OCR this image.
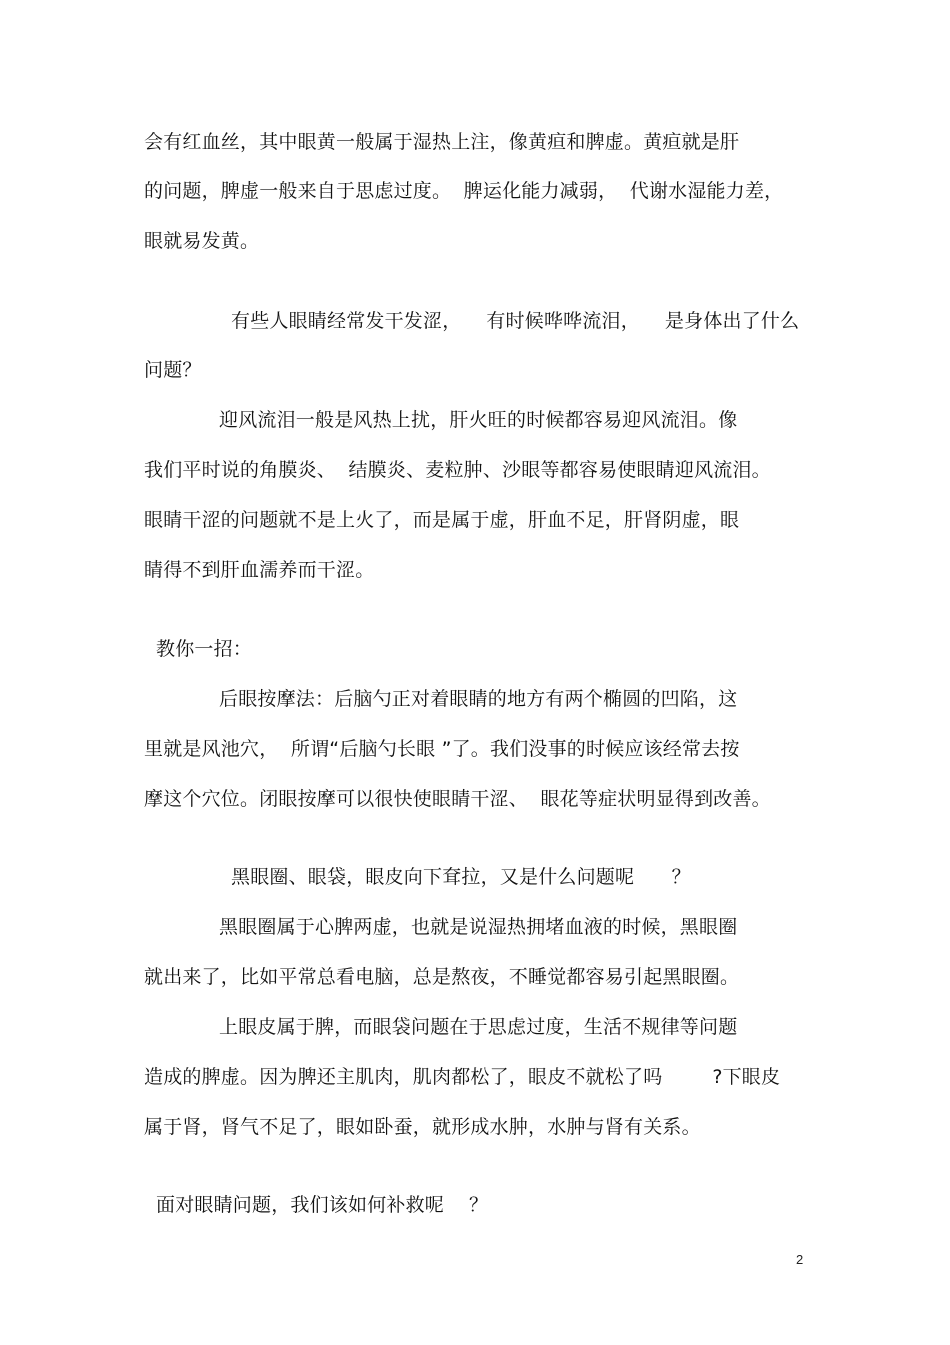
会有红血丝，其中眼黄一般属于湿热上注，像黄疸和脾虚。黄疸就是肝
的问题，脾虚一般来自于思虑过度。  脾运化能力减弱，  代谢水湿能力差，
眼就易发黄。
有些人眼睛经常发干发涩，    有时候哗哗流泪，    是身体出了什么
问题？
迎风流泪一般是风热上扰，肝火旺的时候都容易迎风流泪。像
我们平时说的角膜炎、  结膜炎、麦粒肿、沙眼等都容易使眼睛迎风流泪。
眼睛干涩的问题就不是上火了，而是属于虚，肝血不足，肝肾阴虚，眼
睛得不到肝血濡养而干涩。
教你一招：
后眼按摩法：后脑勺正对着眼睛的地方有两个椭圆的凹陷，这
里就是风池穴，  所谓“后脑勺长眼 ”了。我们没事的时候应该经常去按
摩这个穴位。闭眼按摩可以很快使眼睛干涩、  眼花等症状明显得到改善。
黑眼圈、眼袋，眼皮向下耷拉，又是什么问题呢      ？
黑眼圈属于心脾两虚，也就是说湿热拥堵血液的时候，黑眼圈
就出来了，比如平常总看电脑，总是熬夜，不睡觉都容易引起黑眼圈。
上眼皮属于脾，而眼袋问题在于思虑过度，生活不规律等问题
造成的脾虚。因为脾还主肌肉，肌肉都松了，眼皮不就松了吗        ?下眼皮
属于肾，肾气不足了，眼如卧蚕，就形成水肿，水肿与肾有关系。
面对眼睛问题，我们该如何补救呢    ？
2
